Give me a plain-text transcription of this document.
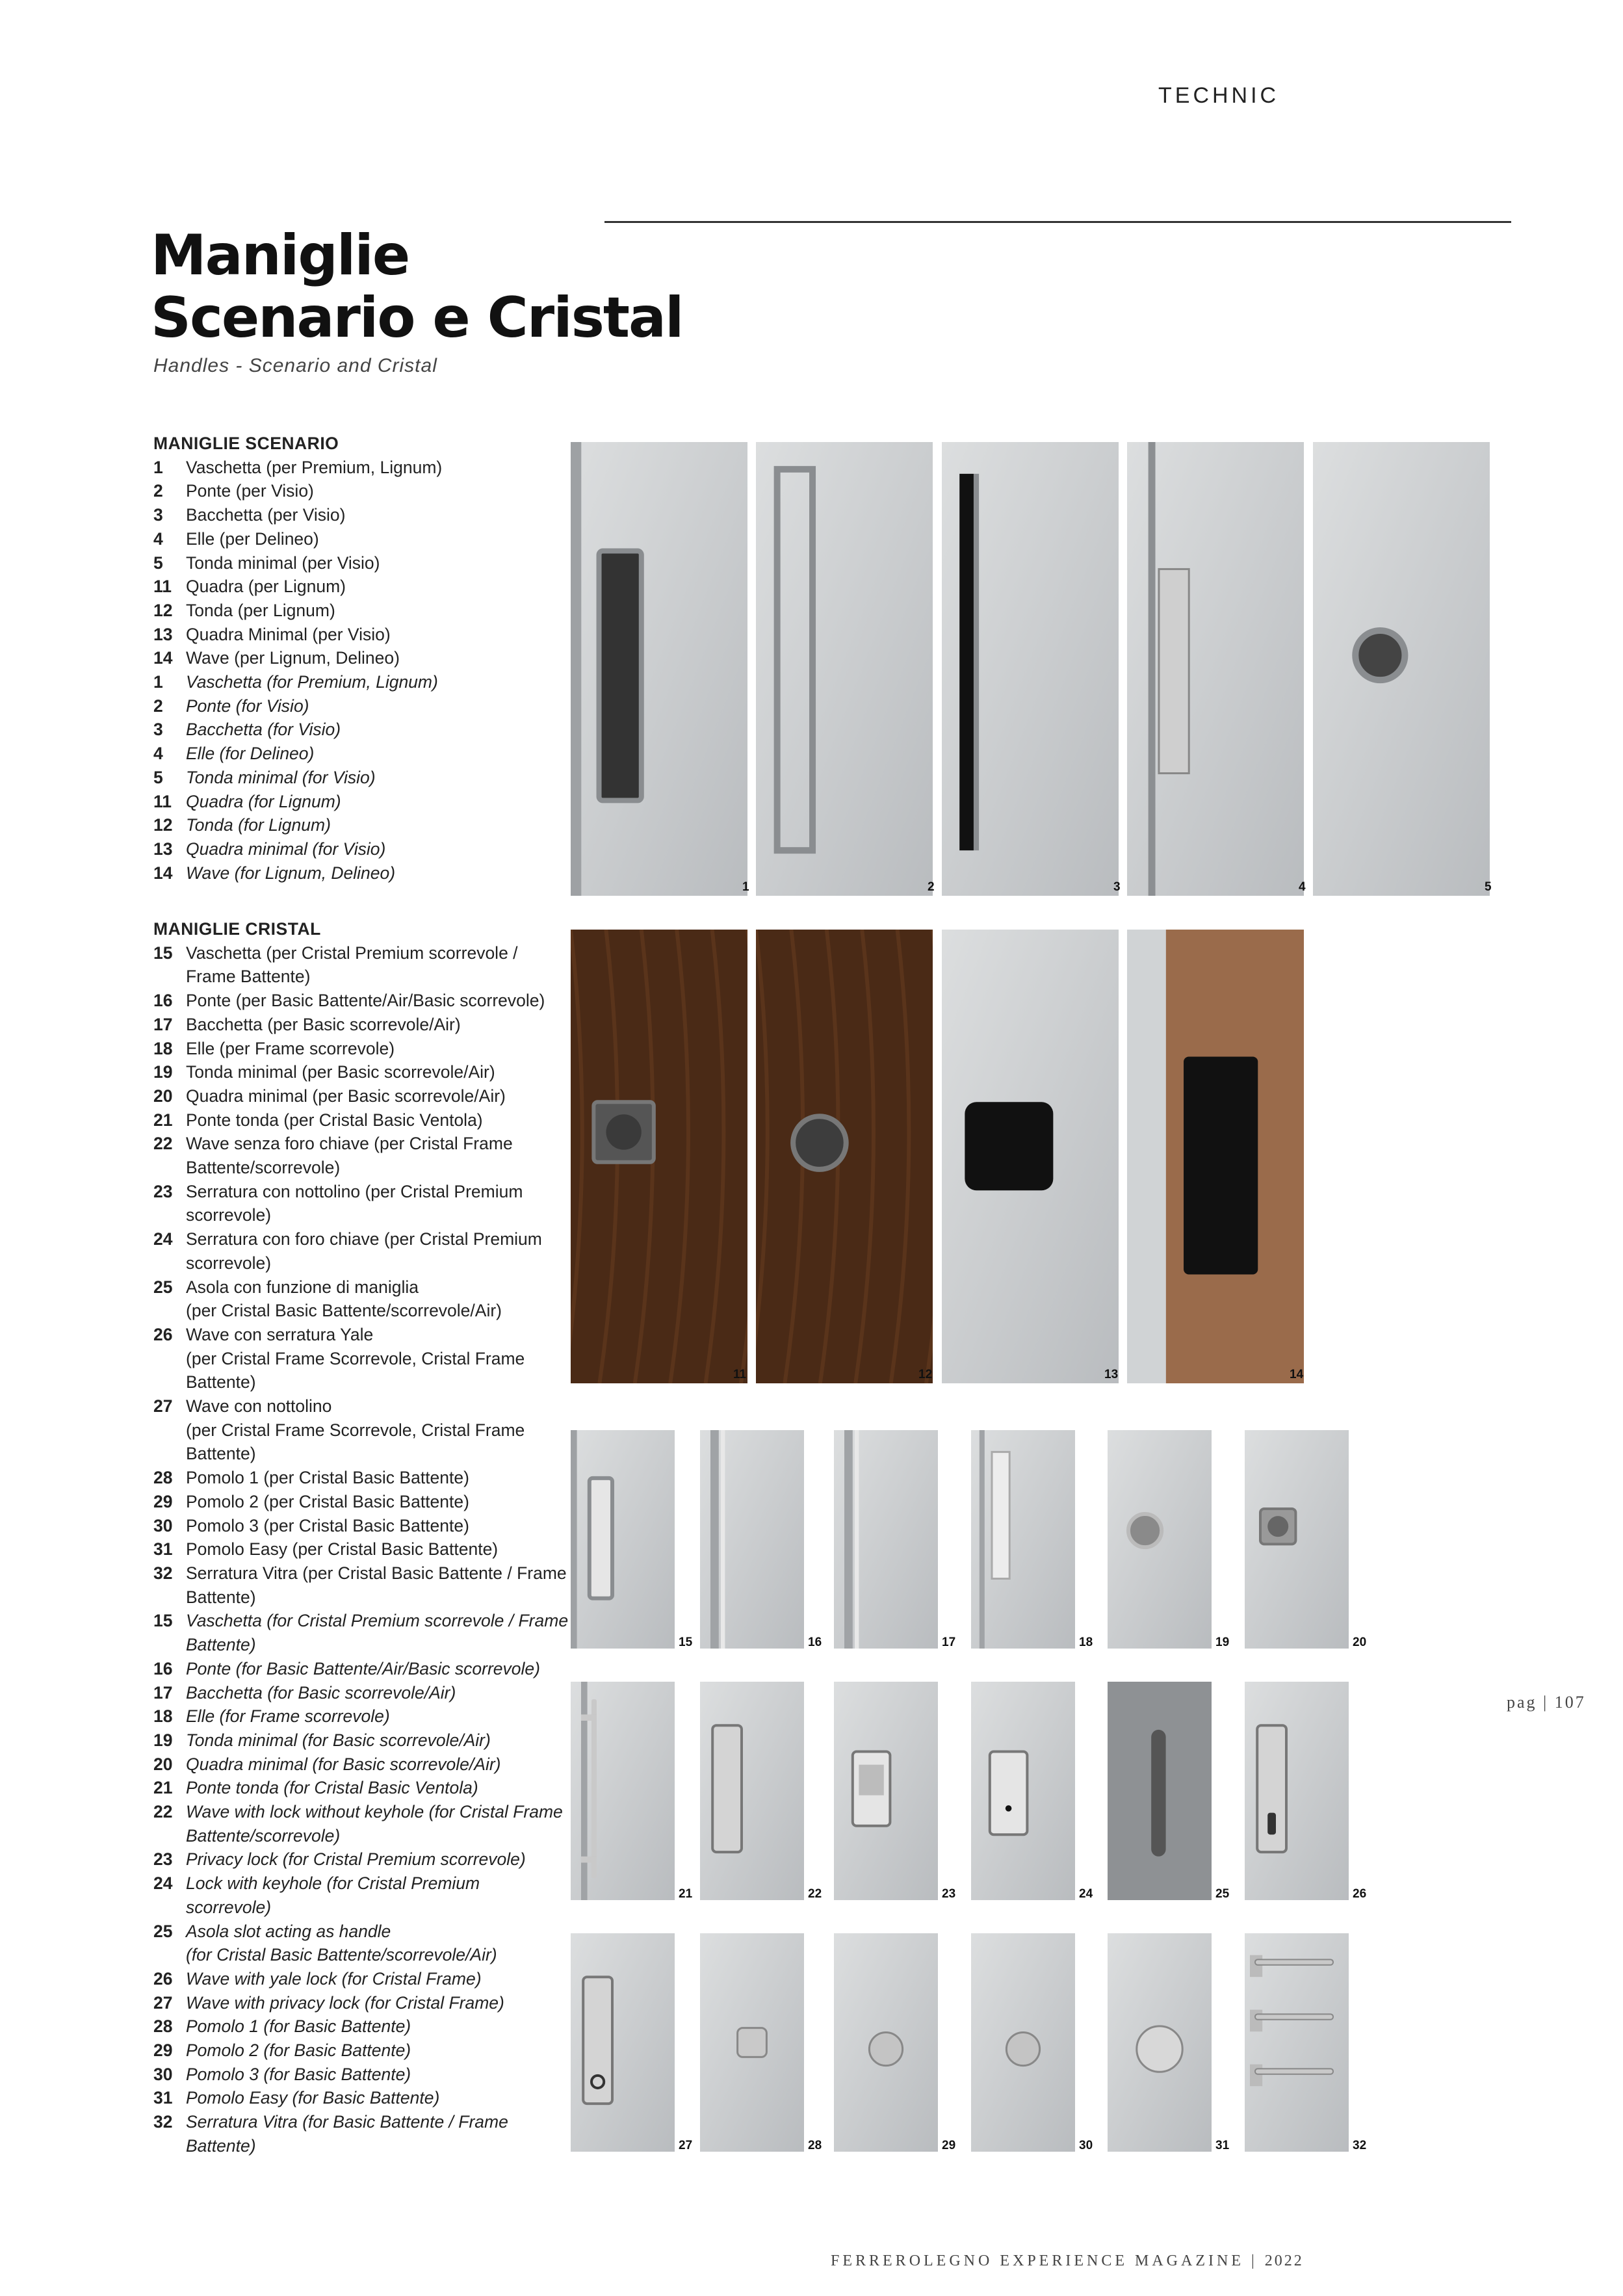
TECHNIC
Maniglie
Scenario e Cristal
Handles - Scenario and Cristal
MANIGLIE SCENARIO
1	Vaschetta (per Premium, Lignum)
2	Ponte (per Visio)
3	Bacchetta (per Visio)
4	Elle (per Delineo)
5	Tonda minimal (per Visio)
11 Quadra (per Lignum)
12 Tonda (per Lignum)
13 Quadra Minimal (per Visio)
14 Wave (per Lignum, Delineo)
1	Vaschetta (for Premium, Lignum)
2	Ponte (for Visio)
3	Bacchetta (for Visio)
4	Elle (for Delineo)
5	Tonda minimal (for Visio)
11 Quadra (for Lignum)
12 Tonda (for Lignum)
13 Quadra minimal (for Visio)
14 Wave (for Lignum, Delineo)
MANIGLIE CRISTAL
15 Vaschetta (per Cristal Premium scorrevole / Frame Battente)
16 Ponte (per Basic Battente/Air/Basic scorrevole)
17 Bacchetta (per Basic scorrevole/Air)
18 Elle (per Frame scorrevole)
19 Tonda minimal (per Basic scorrevole/Air)
20 Quadra minimal (per Basic scorrevole/Air)
21 Ponte tonda (per Cristal Basic Ventola)
22 Wave senza foro chiave (per Cristal Frame Battente/scorrevole)
23 Serratura con nottolino (per Cristal Premium scorrevole)
24 Serratura con foro chiave (per Cristal Premium scorrevole)
25 Asola con funzione di maniglia
(per Cristal Basic Battente/scorrevole/Air)
26 Wave con serratura Yale
(per Cristal Frame Scorrevole, Cristal Frame Battente)
27 Wave con nottolino
(per Cristal Frame Scorrevole, Cristal Frame Battente)
28 Pomolo 1 (per Cristal Basic Battente)
29 Pomolo 2 (per Cristal Basic Battente)
30 Pomolo 3 (per Cristal Basic Battente)
31 Pomolo Easy (per Cristal Basic Battente)
32 Serratura Vitra (per Cristal Basic Battente / Frame Battente)
15 Vaschetta (for Cristal Premium scorrevole / Frame Battente)
16 Ponte (for Basic Battente/Air/Basic scorrevole)
17 Bacchetta (for Basic scorrevole/Air)
18 Elle (for Frame scorrevole)
19 Tonda minimal (for Basic scorrevole/Air)
20 Quadra minimal (for Basic scorrevole/Air)
21 Ponte tonda (for Cristal Basic Ventola)
22 Wave with lock without keyhole (for Cristal Frame Battente/scorrevole)
23 Privacy lock (for Cristal Premium scorrevole)
24 Lock with keyhole (for Cristal Premium scorrevole)
25 Asola slot acting as handle
(for Cristal Basic Battente/scorrevole/Air)
26 Wave with yale lock (for Cristal Frame)
27 Wave with privacy lock (for Cristal Frame)
28 Pomolo 1 (for Basic Battente)
29 Pomolo 2 (for Basic Battente)
30 Pomolo 3 (for Basic Battente)
31 Pomolo Easy (for Basic Battente)
32 Serratura Vitra (for Basic Battente / Frame Battente)
1	2	3	4	5
11	12	13	14
15	16	17	18	19	20
21	22	23	24	25	26
27	28	29	30	31	32
pag | 107
FERREROLEGNO EXPERIENCE MAGAZINE | 2022
